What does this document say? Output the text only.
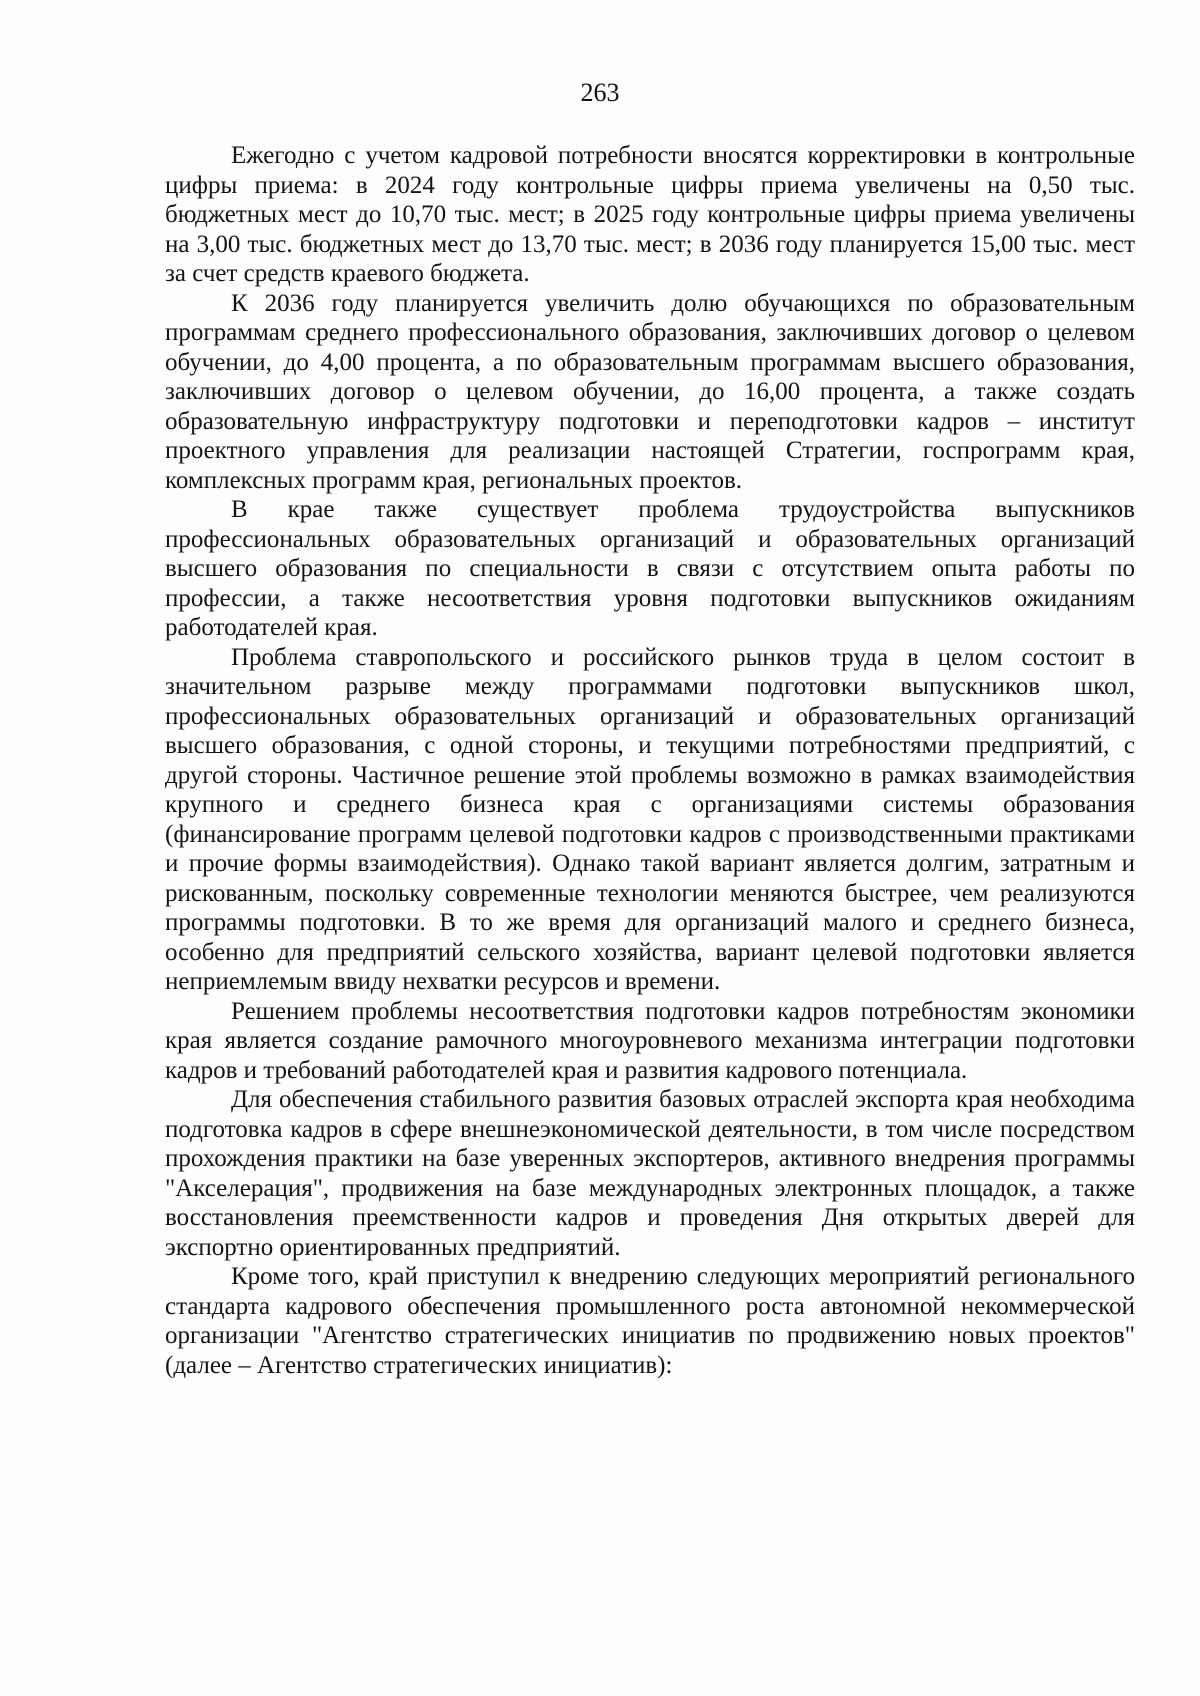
263

Ежегодно с учетом кадровой потребности вносятся корректировки в контрольные цифры приема: в 2024 году контрольные цифры приема увеличены на 0,50 тыс. бюджетных мест до 10,70 тыс. мест; в 2025 году контрольные цифры приема увеличены на 3,00 тыс. бюджетных мест до 13,70 тыс. мест; в 2036 году планируется 15,00 тыс. мест за счет средств краевого бюджета.

К 2036 году планируется увеличить долю обучающихся по образовательным программам среднего профессионального образования, заключивших договор о целевом обучении, до 4,00 процента, а по образовательным программам высшего образования, заключивших договор о целевом обучении, до 16,00 процента, а также создать образовательную инфраструктуру подготовки и переподготовки кадров – институт проектного управления для реализации настоящей Стратегии, госпрограмм края, комплексных программ края, региональных проектов.

В крае также существует проблема трудоустройства выпускников профессиональных образовательных организаций и образовательных организаций высшего образования по специальности в связи с отсутствием опыта работы по профессии, а также несоответствия уровня подготовки выпускников ожиданиям работодателей края.

Проблема ставропольского и российского рынков труда в целом состоит в значительном разрыве между программами подготовки выпускников школ, профессиональных образовательных организаций и образовательных организаций высшего образования, с одной стороны, и текущими потребностями предприятий, с другой стороны. Частичное решение этой проблемы возможно в рамках взаимодействия крупного и среднего бизнеса края с организациями системы образования (финансирование программ целевой подготовки кадров с производственными практиками и прочие формы взаимодействия). Однако такой вариант является долгим, затратным и рискованным, поскольку современные технологии меняются быстрее, чем реализуются программы подготовки. В то же время для организаций малого и среднего бизнеса, особенно для предприятий сельского хозяйства, вариант целевой подготовки является неприемлемым ввиду нехватки ресурсов и времени.

Решением проблемы несоответствия подготовки кадров потребностям экономики края является создание рамочного многоуровневого механизма интеграции подготовки кадров и требований работодателей края и развития кадрового потенциала.

Для обеспечения стабильного развития базовых отраслей экспорта края необходима подготовка кадров в сфере внешнеэкономической деятельности, в том числе посредством прохождения практики на базе уверенных экспортеров, активного внедрения программы "Акселерация", продвижения на базе международных электронных площадок, а также восстановления преемственности кадров и проведения Дня открытых дверей для экспортно ориентированных предприятий.

Кроме того, край приступил к внедрению следующих мероприятий регионального стандарта кадрового обеспечения промышленного роста автономной некоммерческой организации "Агентство стратегических инициатив по продвижению новых проектов" (далее – Агентство стратегических инициатив):
